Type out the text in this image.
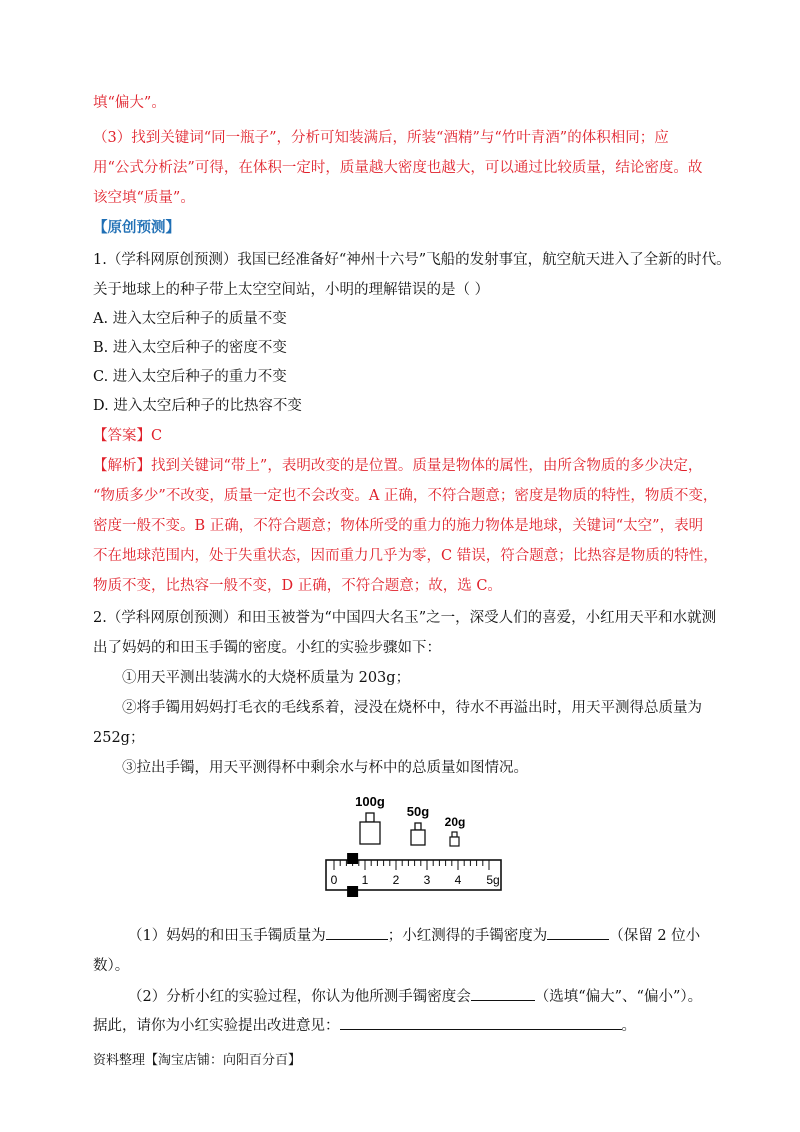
填“偏大”。
（3）找到关键词“同一瓶子”，分析可知装满后，所装“酒精”与“竹叶青酒”的体积相同；应
用“公式分析法”可得，在体积一定时，质量越大密度也越大，可以通过比较质量，结论密度。故
该空填“质量”。
【原创预测】
1.（学科网原创预测）我国已经准备好“神州十六号”飞船的发射事宜，航空航天进入了全新的时代。
关于地球上的种子带上太空空间站，小明的理解错误的是（ ）
A. 进入太空后种子的质量不变
B. 进入太空后种子的密度不变
C. 进入太空后种子的重力不变
D. 进入太空后种子的比热容不变
【答案】C
【解析】找到关键词“带上”，表明改变的是位置。质量是物体的属性，由所含物质的多少决定，
“物质多少”不改变，质量一定也不会改变。A 正确，不符合题意；密度是物质的特性，物质不变，
密度一般不变。B 正确，不符合题意；物体所受的重力的施力物体是地球，关键词“太空”，表明
不在地球范围内，处于失重状态，因而重力几乎为零，C 错误，符合题意；比热容是物质的特性，
物质不变，比热容一般不变，D 正确，不符合题意；故，选 C。
2.（学科网原创预测）和田玉被誉为“中国四大名玉”之一，深受人们的喜爱，小红用天平和水就测
出了妈妈的和田玉手镯的密度。小红的实验步骤如下：
①用天平测出装满水的大烧杯质量为 203g；
②将手镯用妈妈打毛衣的毛线系着，浸没在烧杯中，待水不再溢出时，用天平测得总质量为
252g；
③拉出手镯，用天平测得杯中剩余水与杯中的总质量如图情况。
100g
50g
20g
0 1 2 3 4 5g
（1）妈妈的和田玉手镯质量为	；小红测得的手镯密度为	（保留 2 位小
数）。
（2）分析小红的实验过程，你认为他所测手镯密度会	（选填“偏大”、“偏小”）。
据此，请你为小红实验提出改进意见：	。
资料整理【淘宝店铺：向阳百分百】
